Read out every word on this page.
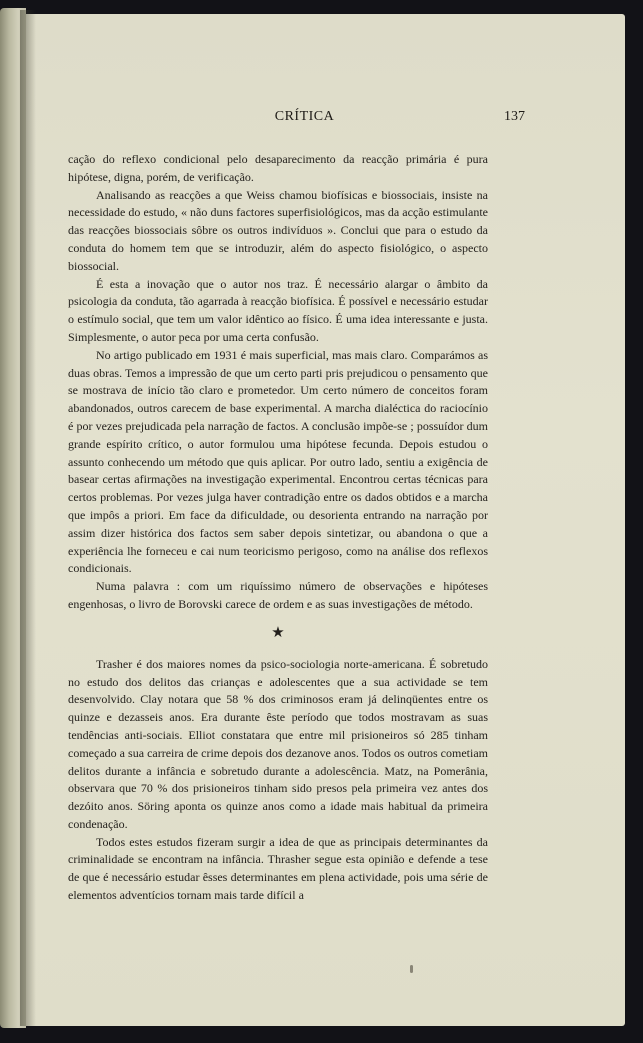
CRÍTICA	137

cação do reflexo condicional pelo desaparecimento da reacção primária é pura hipótese, digna, porém, de verificação.

Analisando as reacções a que Weiss chamou biofísicas e biossociais, insiste na necessidade do estudo, « não duns factores superfisiológicos, mas da acção estimulante das reacções biossociais sôbre os outros indivíduos ». Conclui que para o estudo da conduta do homem tem que se introduzir, além do aspecto fisiológico, o aspecto biossocial.

É esta a inovação que o autor nos traz. É necessário alargar o âmbito da psicologia da conduta, tão agarrada à reacção biofísica. É possível e necessário estudar o estímulo social, que tem um valor idêntico ao físico. É uma idea interessante e justa. Simplesmente, o autor peca por uma certa confusão.

No artigo publicado em 1931 é mais superficial, mas mais claro. Comparámos as duas obras. Temos a impressão de que um certo parti pris prejudicou o pensamento que se mostrava de início tão claro e prometedor. Um certo número de conceitos foram abandonados, outros carecem de base experimental. A marcha dialéctica do raciocínio é por vezes prejudicada pela narração de factos. A conclusão impõe-se ; possuídor dum grande espírito crítico, o autor formulou uma hipótese fecunda. Depois estudou o assunto conhecendo um método que quis aplicar. Por outro lado, sentiu a exigência de basear certas afirmações na investigação experimental. Encontrou certas técnicas para certos problemas. Por vezes julga haver contradição entre os dados obtidos e a marcha que impôs a priori. Em face da dificuldade, ou desorienta entrando na narração por assim dizer histórica dos factos sem saber depois sintetizar, ou abandona o que a experiência lhe forneceu e cai num teoricismo perigoso, como na análise dos reflexos condicionais.

Numa palavra : com um riquíssimo número de observações e hipóteses engenhosas, o livro de Borovski carece de ordem e as suas investigações de método.

★

Trasher é dos maiores nomes da psico-sociologia norte-americana. É sobretudo no estudo dos delitos das crianças e adolescentes que a sua actividade se tem desenvolvido. Clay notara que 58 % dos criminosos eram já delinqüentes entre os quinze e dezasseis anos. Era durante êste período que todos mostravam as suas tendências anti-sociais. Elliot constatara que entre mil prisioneiros só 285 tinham começado a sua carreira de crime depois dos dezanove anos. Todos os outros cometiam delitos durante a infância e sobretudo durante a adolescência. Matz, na Pomerânia, observara que 70 % dos prisioneiros tinham sido presos pela primeira vez antes dos dezóito anos. Söring aponta os quinze anos como a idade mais habitual da primeira condenação.

Todos estes estudos fizeram surgir a idea de que as principais determinantes da criminalidade se encontram na infância. Thrasher segue esta opinião e defende a tese de que é necessário estudar êsses determinantes em plena actividade, pois uma série de elementos adventícios tornam mais tarde difícil a
